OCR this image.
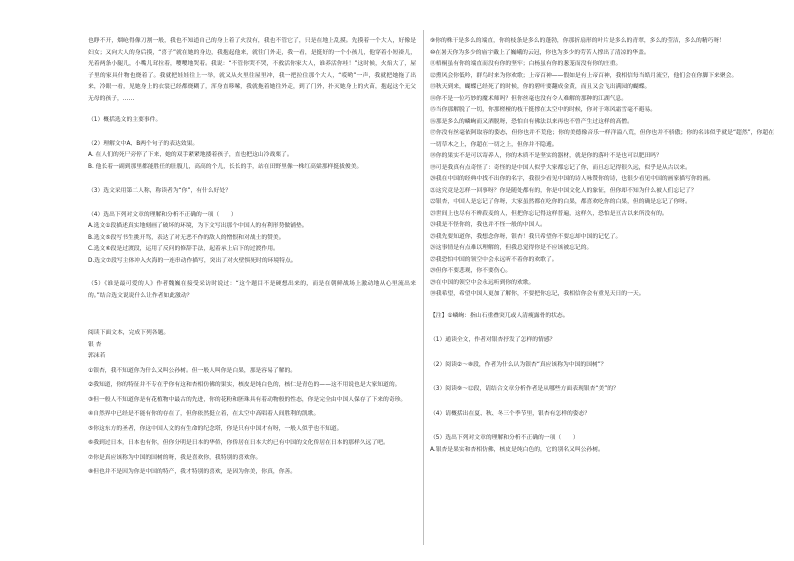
也睁不开，烟呛得像刀割一般，我也不知道自己的身上着了火没有，我也不管它了，只是在地上乱摸。先摸着一个大人，好像是妇女；又向大人的身后摸，“喜子”就在她的身边，我抱起他来，就往门外走，我一看，是挺好的一个小孩儿，他穿着小短褂儿，光着两条小腿儿，小嘴儿耷拉着，嘤嘤地哭着。我说：“不管你哭不哭，不救活你家大人，谁养活你哇！”这时候，火焰大了，屋子里的家具什物也烧着了。我就把娃娃往上一举，就又从火里往屋里冲，我一把拉住那个大人，“哎哟”一声，我就把她拖了出来，冷眼一看，见她身上的衣裳已经都烧糊了，浑身直哆嗦，我就拖着她往外走，到了门外，扑灭她身上的火苗，抱起这个无父无母的孩子，……

（1）概括选文的主要事件。

（2）理解文中A、B两个句子的表达效果。

A. 在人们的死尸旁停了下来，她的双手紧紧地搂着孩子，直也把这山冷战栗了。

B. 他长着一副到那里都能胜任的肚腹儿，高高的个儿，长长的手，站在田野里像一株红高粱那样挺拔俊美。

（3）选文采用第二人称，称读者为“你”，有什么好处？

（4）选出下列对文章的理解和分析不正确的一项（　　）

A.选文①段描述真实地刻画了破坏的环境，为下文写出那个中国人的有利形势做铺垫。

B.选文⑤段写书生挑开骂，表达了对无恶不作的敌人的憎恨和对战士的赞美。

C.选文⑥段是过渡段，运用了反问的修辞手法，起着承上启下的过渡作用。

D.选文⑦段写主体冲入火海的一连串动作描写，突出了对火壁惧死时的环境特点。

（5）《谁是最可爱的人》作者魏巍在接受采访时说过：“这个题目不是硬想出来的，而是在朝鲜战场上激动地从心里流出来的。”结合选文说说什么让作者如此激动？

阅读下面文本，完成下列各题。

银 杏

郭沫若

①银杏，我不知道你为什么又叫公孙树。但一般人叫你是白果，那是容易了解的。

②我知道，你的特征并不专在乎你有这和杏相仿佛的果实，核皮是纯白色的，核仁是青色的——这不用说也是大家知道的。

③但一般人不知道你是有花植物中最古的先进，你的花粉和胚珠具有着动物般的性态，你是完全由中国人保存了下来的奇珍。

④自然界中已经是不能有你的存在了，但你依然挺立着，在太空中高唱着人间胜利的凯歌。

⑤你这东方的圣者，你这中国人文的有生命的纪念塔，你是只有中国才有呀，一般人似乎也不知道。

⑥我到过日本，日本也有你，但你分明是日本的华侨，你侨居在日本大约已有中国的文化侨居在日本的那样久远了吧。

⑦你是真应该称为中国的国树的呀，我是喜欢你，我特别的喜欢你。

⑧但也并不是因为你是中国的特产，我才特别的喜欢，是因为你美，你真，你善。

⑨你的株干是多么的端直，你的枝条是多么的蓬勃，你那折扇形的叶片是多么的青翠，多么的莹洁，多么的精巧呀！

⑩在暑天你为多少的庙宇戴上了巍峨的云冠，你也为多少的劳苦人撑出了清凉的华盖。

⑪梧桐虽有你的端直而没有你的坚牢；白杨虽有你的葱茏而没有你的庄重。

⑫熏风会你低吟，群鸟时来为你欢歌；上帝百神——假如是有上帝百神，我相信每当皓月流空，他们会在你脚下来聚会。

⑬秋天到来，蝴蝶已经死了的时候，你的碧叶要翻成金黄，而且又会飞出满园的蝴蝶。

⑭你不是一位巧妙的魔术师吗？但你丝毫也没有令人难解的那种的江湖气息。

⑮当你那解脱了一切，你那槎桠的枝干挺撑在太空中的时候，你对于寒风霜雪毫不避易。

⑯那是多么的嶙峋而又洒脱呀，恐怕自有佛法以来再也不曾产生过这样的高僧。

⑰你没有丝毫依阿取容的姿态，但你也并不荒伧；你的美德像音乐一样洋溢八荒，但你也并不骄傲；你的名讳似乎就是“超然”，你超在一切草木之上，你超在一切之上，但你并不隐遁。

⑱你的果实不是可以寄养人，你的木质不是坚实的器材，就是你的落叶不是也可以肥田吗？

⑲可是我真有点奇怪了：奇怪的是中国人似乎大家都忘记了你，而且忘记得很久远，似乎是从古以来。

⑳我在中国的经典中找不出你的名字，我很少看见中国的诗人咏赞你的诗，也很少看见中国的画家描写你的画。

㉑这究竟是怎样一回事呀？你是随处都有的，你是中国文化人的象征，但你却不知为什么被人们忘记了？

㉒银杏，中国人是忘记了你呀，大家虽然都在吃你的白果，都喜欢吃你的白果，但的确是忘记了你呀。

㉓世间上也尽有不辨菽麦的人，但把你忘记得这样普遍，这样久，恐怕是亘古以来所没有的。

㉔我是不怪你的，我也并不怪一般的中国人。

㉕我先要知道你，我想念你呀，银杏！我只希望你不要忘却中国的记忆了。

㉖这事情是有点难以理解的，但我总觉得你是不应该被忘记的。

㉗我恐怕中国的领空中会永远听不着你的欢歌了。

㉘但你不要悲观，你不要伤心。

㉙在中国的领空中会永远听到你的欢歌。

㉚我希望，希望中国人更加了解你，不要把你忘记，我相信你会有重见天日的一天。

【注】①嶙峋：指山石重叠突兀或人清瘦露骨的状态。

（1）通读全文，作者对银杏抒发了怎样的情感？

（2）阅读②～⑧段，作者为什么认为银杏“真应该称为中国的国树”？

（3）阅读⑨～⑫段，请结合文章分析作者是从哪些方面表现银杏“美”的？

（4）请概括出在夏、秋、冬三个季节里，银杏有怎样的姿态？

（5）选出下列对文章的理解和分析不正确的一项（　　）

A.银杏是果实和杏相仿佛，核皮是纯白色的，它的别名又叫公孙树。
